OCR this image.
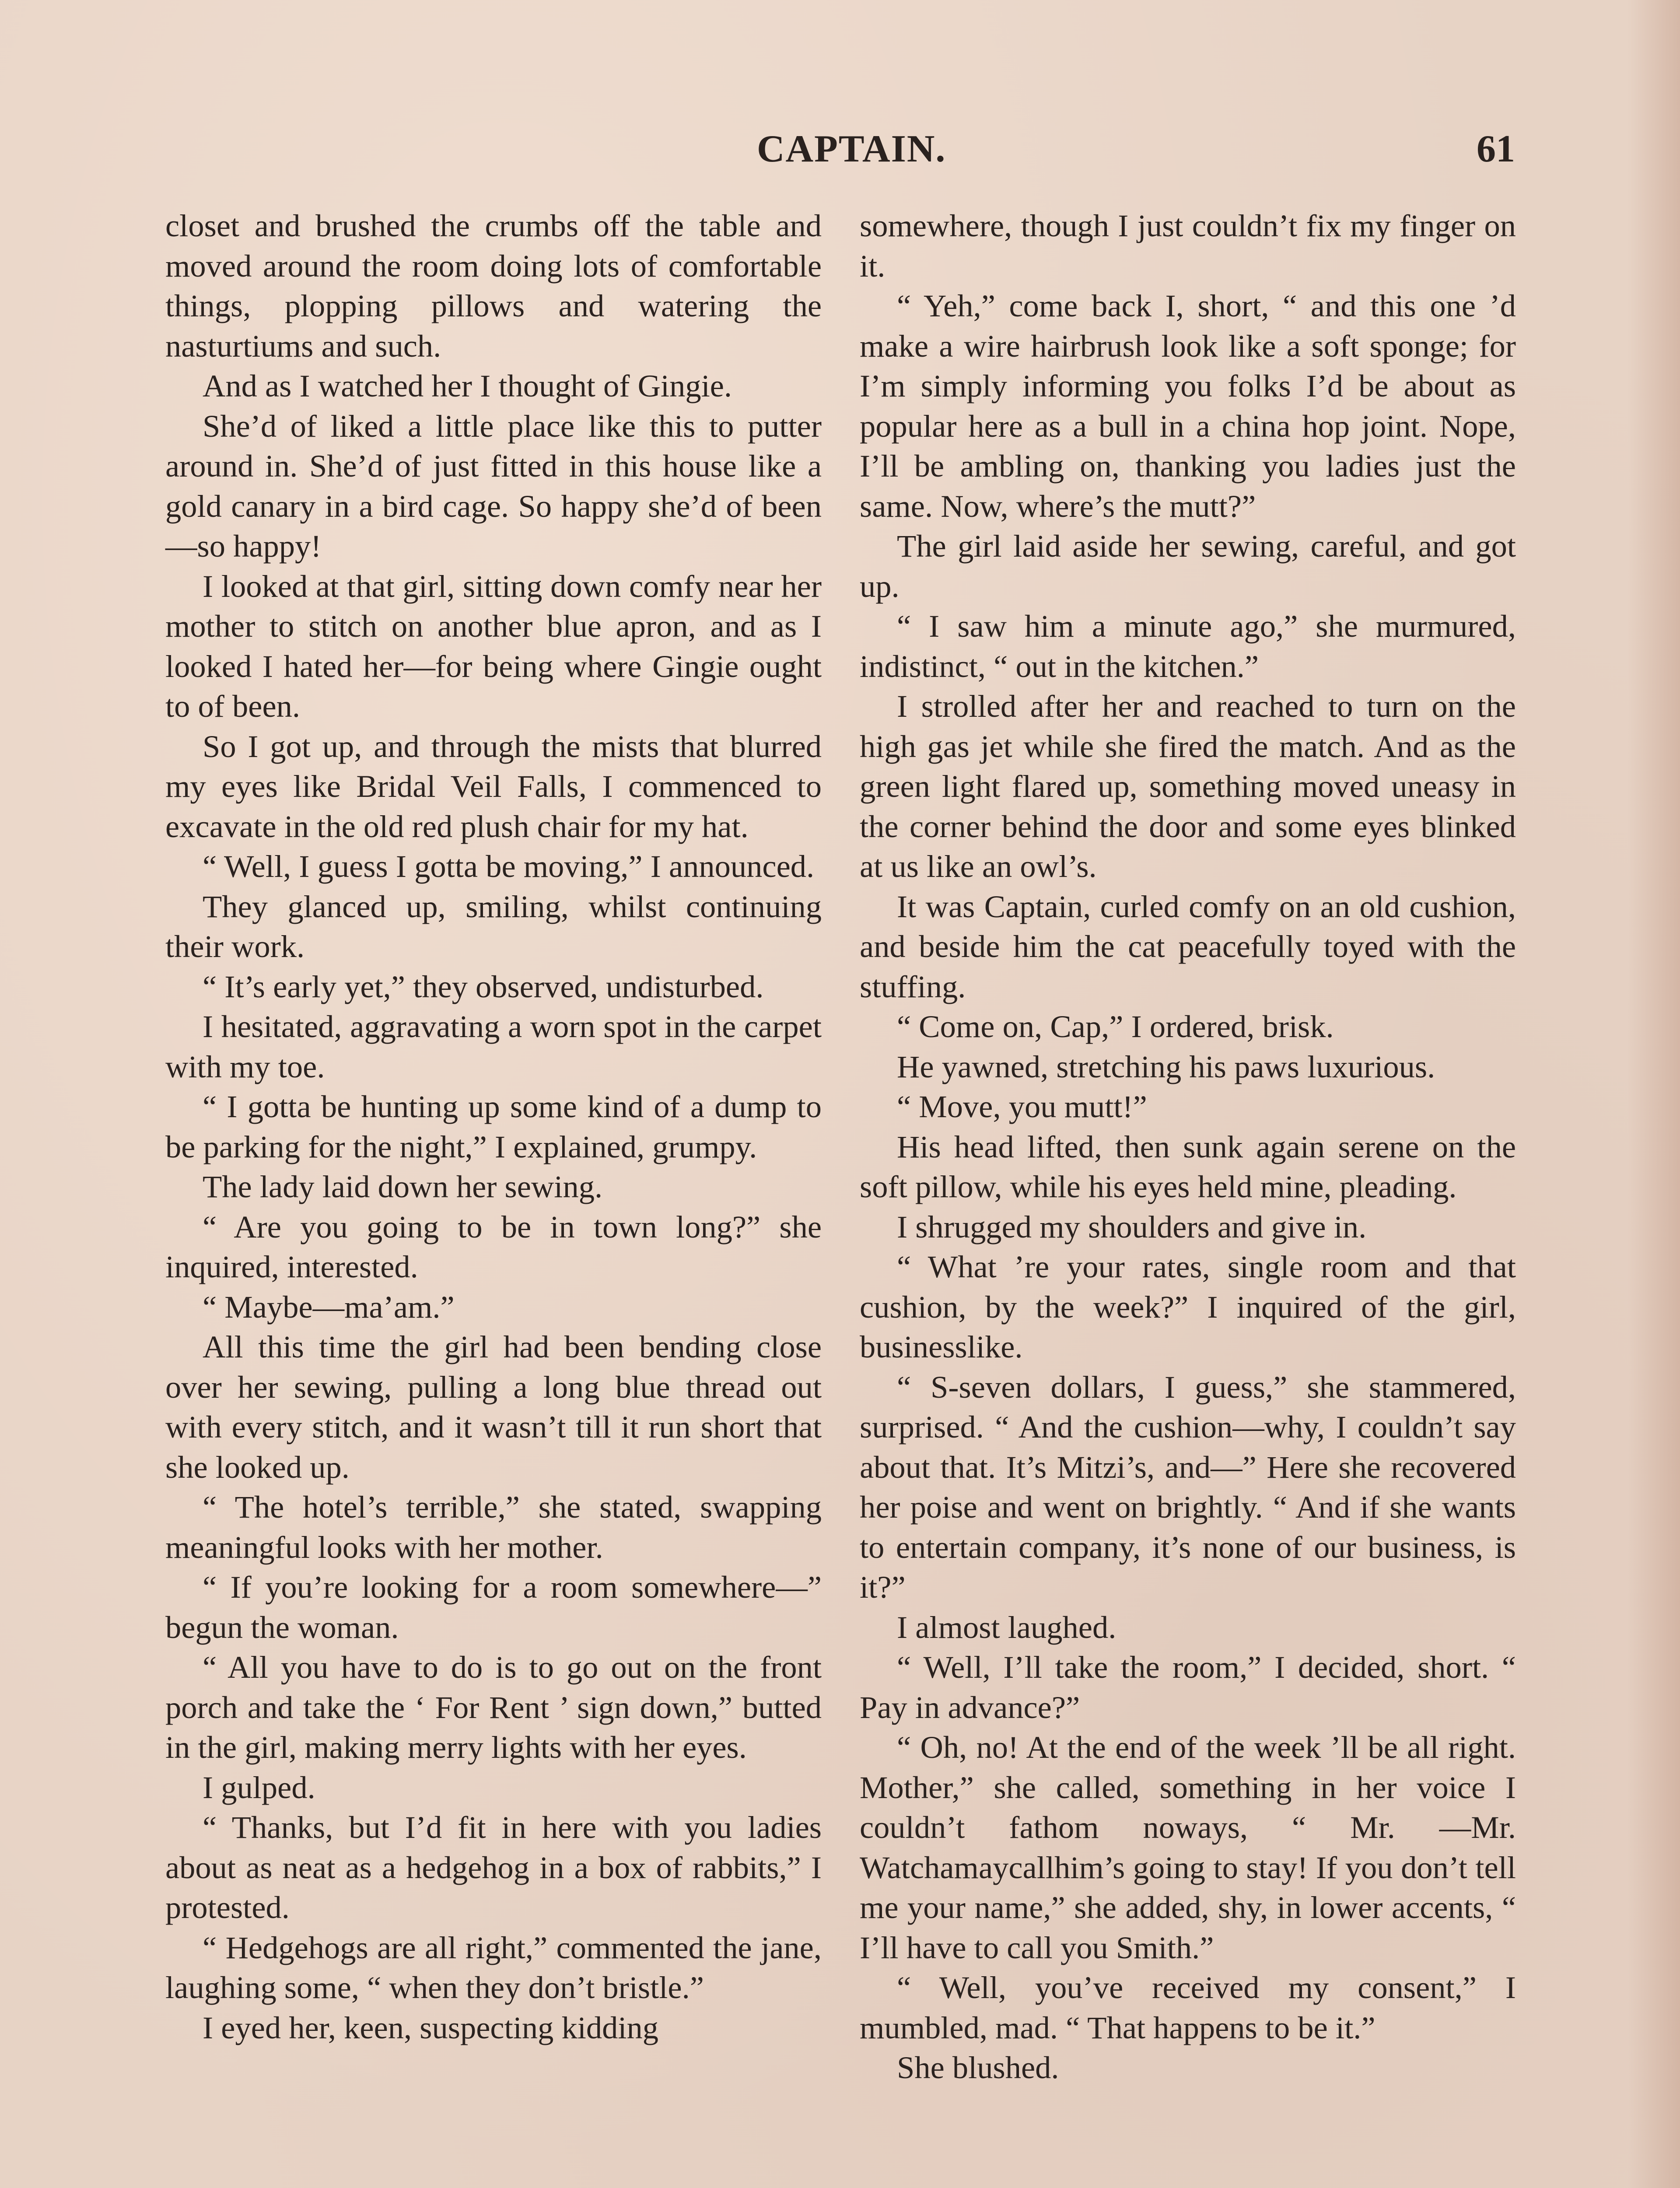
CAPTAIN.	61

closet and brushed the crumbs off the table and moved around the room doing lots of comfortable things, plopping pillows and watering the nasturtiums and such.

And as I watched her I thought of Gingie.

She’d of liked a little place like this to putter around in. She’d of just fitted in this house like a gold canary in a bird cage. So happy she’d of been—so happy!

I looked at that girl, sitting down comfy near her mother to stitch on another blue apron, and as I looked I hated her—for being where Gingie ought to of been.

So I got up, and through the mists that blurred my eyes like Bridal Veil Falls, I commenced to excavate in the old red plush chair for my hat.

“ Well, I guess I gotta be moving,” I announced.

They glanced up, smiling, whilst continuing their work.

“ It’s early yet,” they observed, undisturbed.

I hesitated, aggravating a worn spot in the carpet with my toe.

“ I gotta be hunting up some kind of a dump to be parking for the night,” I explained, grumpy.

The lady laid down her sewing.

“ Are you going to be in town long?” she inquired, interested.

“ Maybe—ma’am.”

All this time the girl had been bending close over her sewing, pulling a long blue thread out with every stitch, and it wasn’t till it run short that she looked up.

“ The hotel’s terrible,” she stated, swapping meaningful looks with her mother.

“ If you’re looking for a room somewhere—” begun the woman.

“ All you have to do is to go out on the front porch and take the ‘ For Rent ’ sign down,” butted in the girl, making merry lights with her eyes.

I gulped.

“ Thanks, but I’d fit in here with you ladies about as neat as a hedgehog in a box of rabbits,” I protested.

“ Hedgehogs are all right,” commented the jane, laughing some, “ when they don’t bristle.”

I eyed her, keen, suspecting kidding

somewhere, though I just couldn’t fix my finger on it.

“ Yeh,” come back I, short, “ and this one ’d make a wire hairbrush look like a soft sponge; for I’m simply informing you folks I’d be about as popular here as a bull in a china hop joint. Nope, I’ll be ambling on, thanking you ladies just the same. Now, where’s the mutt?”

The girl laid aside her sewing, careful, and got up.

“ I saw him a minute ago,” she murmured, indistinct, “ out in the kitchen.”

I strolled after her and reached to turn on the high gas jet while she fired the match. And as the green light flared up, something moved uneasy in the corner behind the door and some eyes blinked at us like an owl’s.

It was Captain, curled comfy on an old cushion, and beside him the cat peacefully toyed with the stuffing.

“ Come on, Cap,” I ordered, brisk.

He yawned, stretching his paws luxurious.

“ Move, you mutt!”

His head lifted, then sunk again serene on the soft pillow, while his eyes held mine, pleading.

I shrugged my shoulders and give in.

“ What ’re your rates, single room and that cushion, by the week?” I inquired of the girl, businesslike.

“ S-seven dollars, I guess,” she stammered, surprised. “ And the cushion—why, I couldn’t say about that. It’s Mitzi’s, and—” Here she recovered her poise and went on brightly. “ And if she wants to entertain company, it’s none of our business, is it?”

I almost laughed.

“ Well, I’ll take the room,” I decided, short. “ Pay in advance?”

“ Oh, no! At the end of the week ’ll be all right. Mother,” she called, something in her voice I couldn’t fathom noways, “ Mr. —Mr. Watchamaycallhim’s going to stay! If you don’t tell me your name,” she added, shy, in lower accents, “ I’ll have to call you Smith.”

“ Well, you’ve received my consent,” I mumbled, mad. “ That happens to be it.”

She blushed.
